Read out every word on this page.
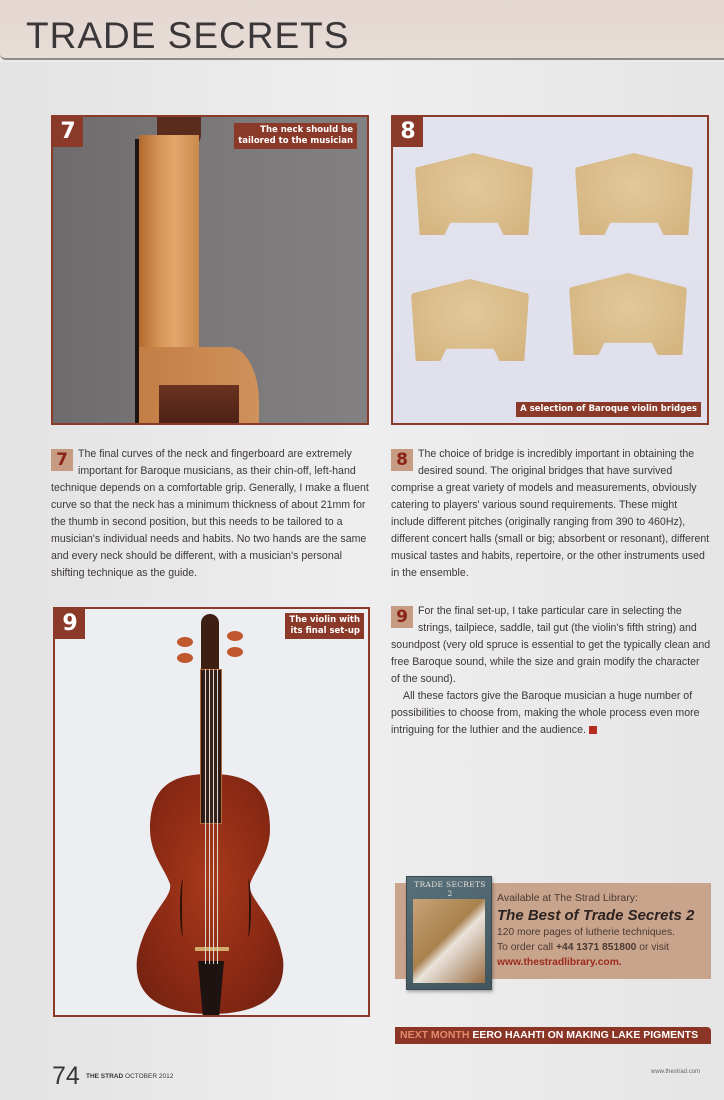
TRADE SECRETS
7	The neck should be
tailored to the musician	8
A selection of Baroque violin bridges
9	The violin with
its final set-up
7 The final curves of the neck and fingerboard are extremely important for Baroque musicians, as their chin-off, left-hand technique depends on a comfortable grip. Generally, I make a fluent curve so that the neck has a minimum thickness of about 21mm for the thumb in second position, but this needs to be tailored to a musician's individual needs and habits. No two hands are the same and every neck should be different, with a musician's personal shifting technique as the guide.
8 The choice of bridge is incredibly important in obtaining the desired sound. The original bridges that have survived comprise a great variety of models and measurements, obviously catering to players' various sound requirements. These might include different pitches (originally ranging from 390 to 460Hz), different concert halls (small or big; absorbent or resonant), different musical tastes and habits, repertoire, or the other instruments used in the ensemble.
9 For the final set-up, I take particular care in selecting the strings, tailpiece, saddle, tail gut (the violin's fifth string) and soundpost (very old spruce is essential to get the typically clean and free Baroque sound, while the size and grain modify the character of the sound).
All these factors give the Baroque musician a huge number of possibilities to choose from, making the whole process even more intriguing for the luthier and the audience.
TRADE SECRETS 2	Available at The Strad Library:
The Best of Trade Secrets 2
120 more pages of lutherie techniques.
To order call +44 1371 851800 or visit
www.thestradlibrary.com.
NEXT MONTH EERO HAAHTI ON MAKING LAKE PIGMENTS
74 THE STRAD OCTOBER 2012
www.thestrad.com
